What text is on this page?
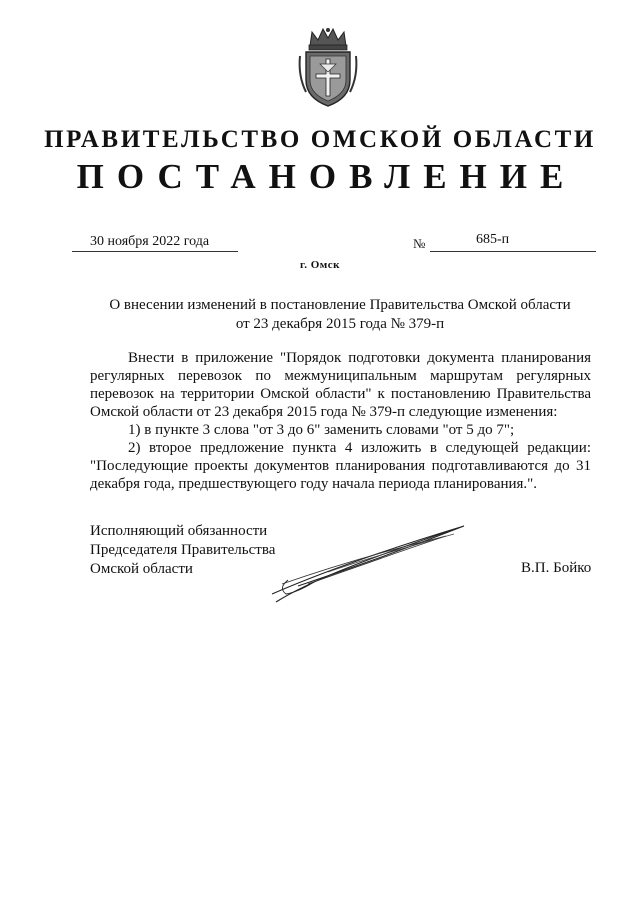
ПРАВИТЕЛЬСТВО ОМСКОЙ ОБЛАСТИ
ПОСТАНОВЛЕНИЕ
30 ноября 2022 года	№	685-п
г. Омск
О внесении изменений в постановление Правительства Омской области
от 23 декабря 2015 года № 379-п

Внести в приложение "Порядок подготовки документа планирования регулярных перевозок по межмуниципальным маршрутам регулярных перевозок на территории Омской области" к постановлению Правительства Омской области от 23 декабря 2015 года № 379-п следующие изменения:

1) в пункте 3 слова "от 3 до 6" заменить словами "от 5 до 7";

2) второе предложение пункта 4 изложить в следующей редакции: "Последующие проекты документов планирования подготавливаются до 31 декабря года, предшествующего году начала периода планирования.".

Исполняющий обязанности
Председателя Правительства
Омской области	В.П. Бойко
